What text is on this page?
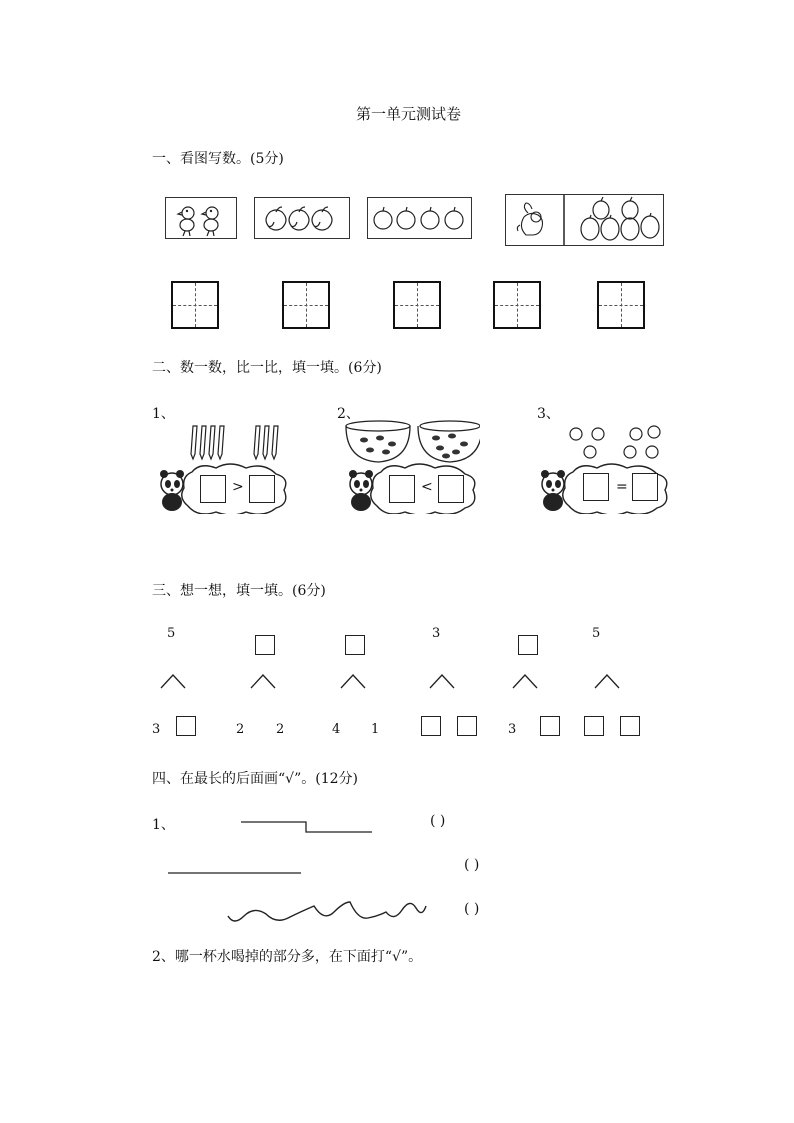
第一单元测试卷
一、看图写数。(5分)
二、数一数，比一比，填一填。(6分)
1、	2、	3、
>	<	=
三、想一想，填一填。(6分)
5
3	2 2	4 1
3
3
5
四、在最长的后面画“√”。(12分)
1、	( )
( )
( )
2、哪一杯水喝掉的部分多，在下面打“√”。
